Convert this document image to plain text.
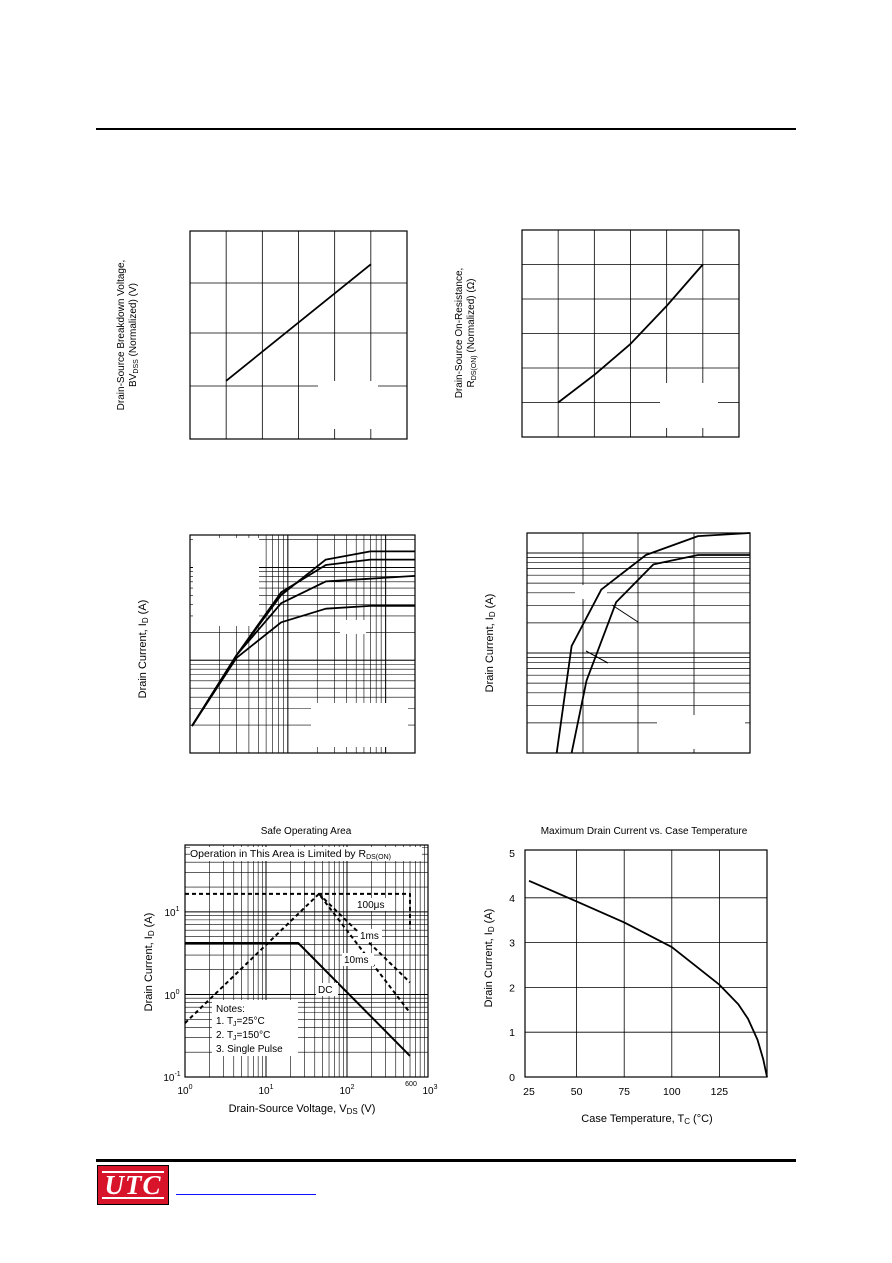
Drain-Source Breakdown Voltage, $BV_{DSS}$ (Normalized) (V)	Drain-Source On-Resistance, $R_{DS(ON)}$ (Normalized) (Ω)
Drain Current, ID (A)
Drain Current, ID (A)
Safe Operating Area
Operation in This Area is Limited by RDS(ON)
Notes:
1. $T_J=25^\circ C$
2. $T_J=150^\circ C$
3. Single Pulse
100μs
1ms
10ms
DC
$10^0$	$10^1$	$10^2$	$10^3$
600
$10^{-1}$
$10^0$
$10^1$
Drain Current, ID (A)
Drain-Source Voltage, VDS (V)
Maximum Drain Current vs. Case Temperature
25	50	75	100	125
0
1
2
3
4
5
Drain Current, ID (A)
Case Temperature, TC (°C)
UTC
